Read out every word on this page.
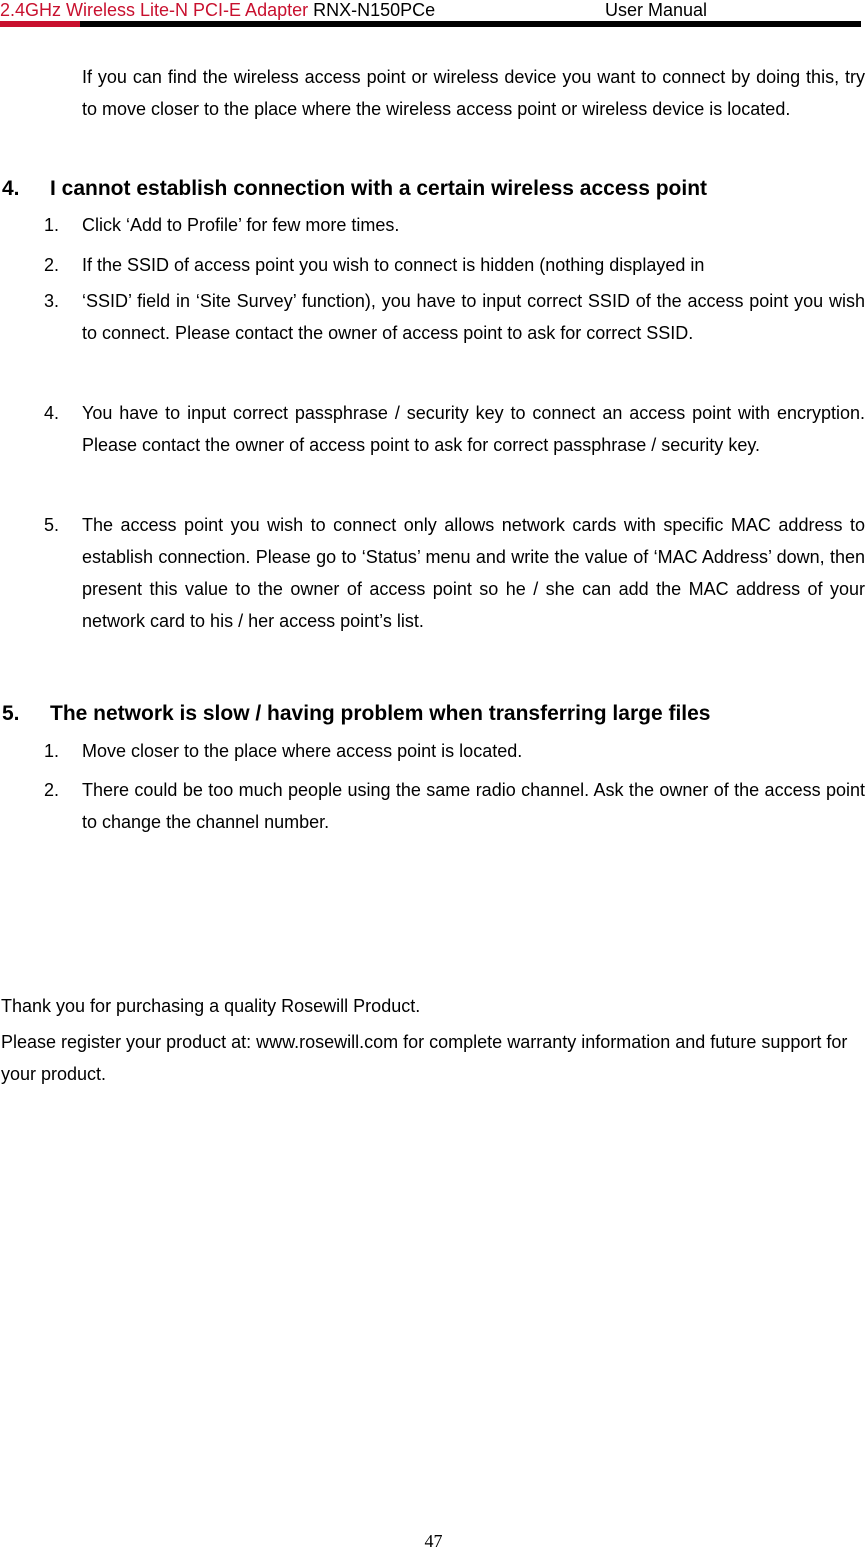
2.4GHz Wireless Lite-N PCI-E Adapter RNX-N150PCe	User Manual
If you can find the wireless access point or wireless device you want to connect by doing this, try to move closer to the place where the wireless access point or wireless device is located.
4. I cannot establish connection with a certain wireless access point
1. Click ‘Add to Profile’ for few more times.
2. If the SSID of access point you wish to connect is hidden (nothing displayed in
3. ‘SSID’ field in ‘Site Survey’ function), you have to input correct SSID of the access point you wish to connect. Please contact the owner of access point to ask for correct SSID.
4. You have to input correct passphrase / security key to connect an access point with encryption. Please contact the owner of access point to ask for correct passphrase / security key.
5. The access point you wish to connect only allows network cards with specific MAC address to establish connection. Please go to ‘Status’ menu and write the value of ‘MAC Address’ down, then present this value to the owner of access point so he / she can add the MAC address of your network card to his / her access point’s list.
5. The network is slow / having problem when transferring large files
1. Move closer to the place where access point is located.
2. There could be too much people using the same radio channel. Ask the owner of the access point to change the channel number.
Thank you for purchasing a quality Rosewill Product.
Please register your product at: www.rosewill.com for complete warranty information and future support for your product.
47
